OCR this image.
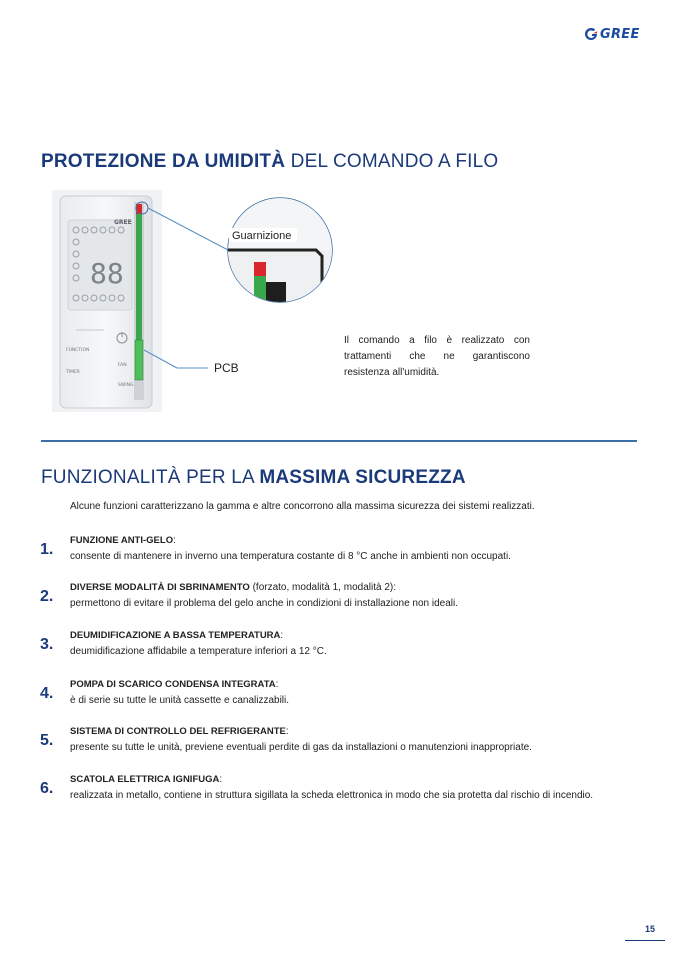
GREE
PROTEZIONE DA UMIDITÀ DEL COMANDO A FILO
88
GREE
FUNCTION
FAN
TIMER
SWING
Guarnizione
PCB
Il comando a filo è realizzato con trattamenti che ne garantiscono resistenza all'umidità.
FUNZIONALITÀ PER LA MASSIMA SICUREZZA
Alcune funzioni caratterizzano la gamma e altre concorrono alla massima sicurezza dei sistemi realizzati.
1.
FUNZIONE ANTI-GELO:
consente di mantenere in inverno una temperatura costante di 8 °C anche in ambienti non occupati.
2.
DIVERSE MODALITÀ DI SBRINAMENTO (forzato, modalità 1, modalità 2):
permettono di evitare il problema del gelo anche in condizioni di installazione non ideali.
3.
DEUMIDIFICAZIONE A BASSA TEMPERATURA:
deumidificazione affidabile a temperature inferiori a 12 °C.
4.
POMPA DI SCARICO CONDENSA INTEGRATA:
è di serie su tutte le unità cassette e canalizzabili.
5.
SISTEMA DI CONTROLLO DEL REFRIGERANTE:
presente su tutte le unità, previene eventuali perdite di gas da installazioni o manutenzioni inappropriate.
6.
SCATOLA ELETTRICA IGNIFUGA:
realizzata in metallo, contiene in struttura sigillata la scheda elettronica in modo che sia protetta dal rischio di incendio.
15
